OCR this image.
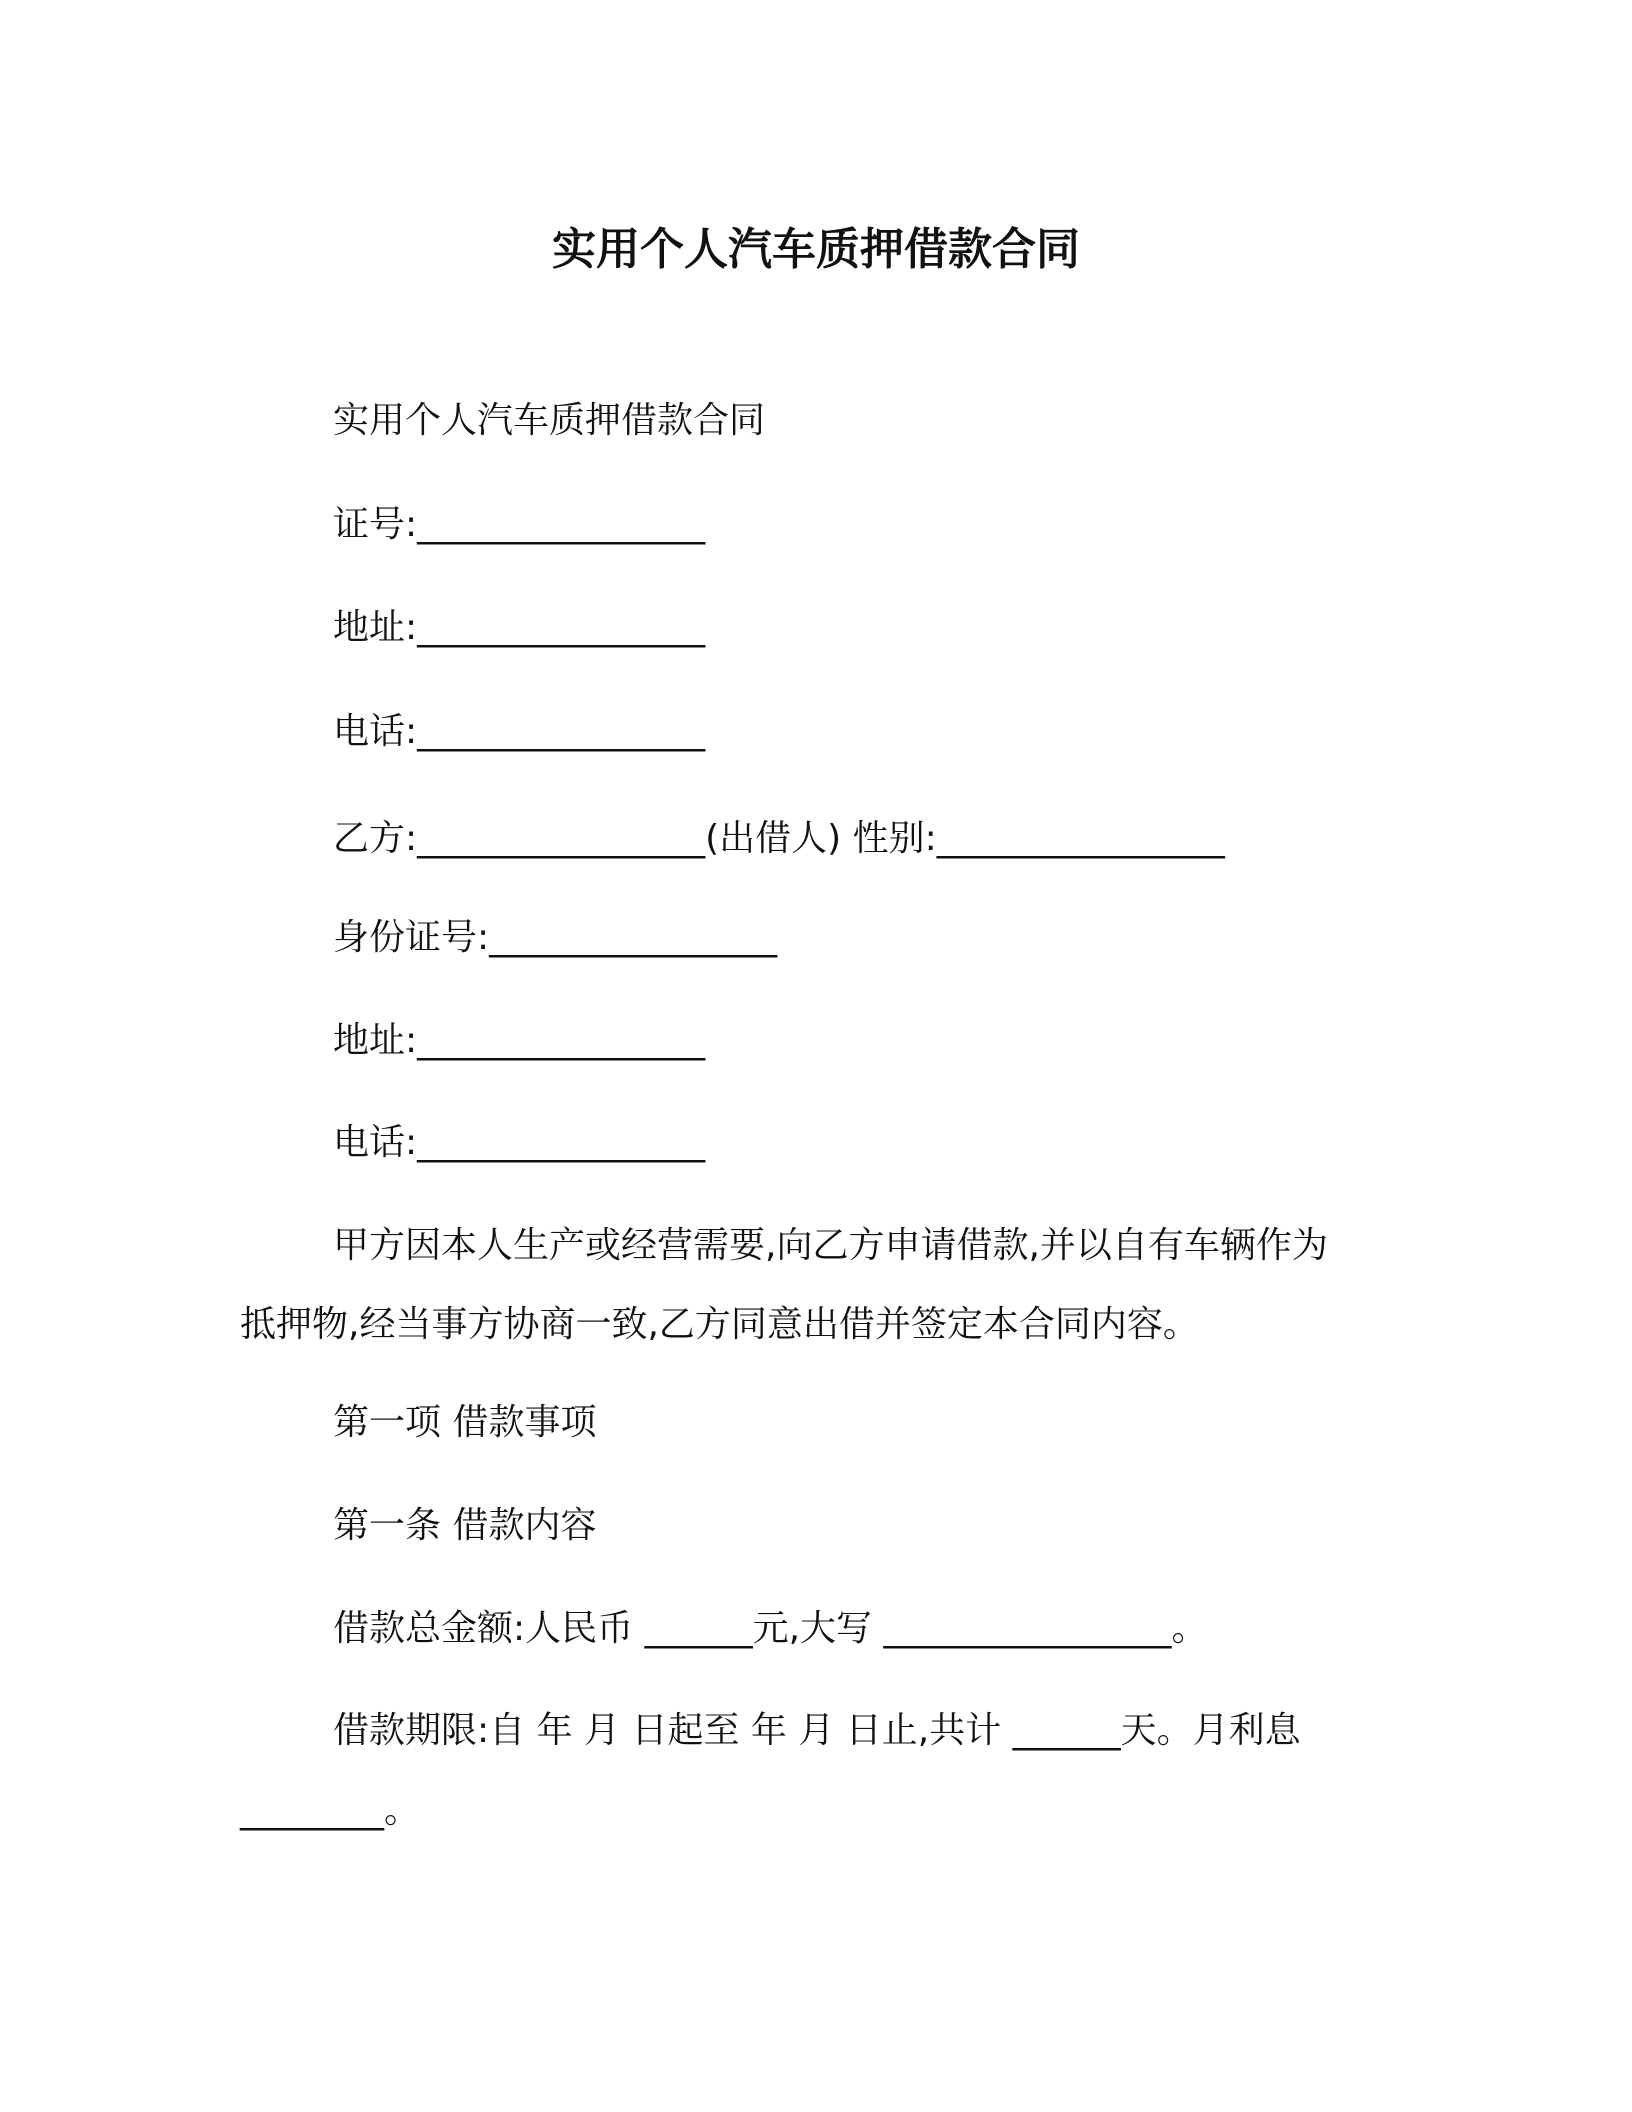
实用个人汽车质押借款合同
实用个人汽车质押借款合同
证号:________________
地址:________________
电话:________________
乙方:________________(出借人) 性别:________________
身份证号:________________
地址:________________
电话:________________
甲方因本人生产或经营需要,向乙方申请借款,并以自有车辆作为
抵押物,经当事方协商一致,乙方同意出借并签定本合同内容。
第一项 借款事项
第一条 借款内容
借款总金额:人民币 ______元,大写 ________________。
借款期限:自 年 月 日起至 年 月 日止,共计 ______天。月利息
________。
